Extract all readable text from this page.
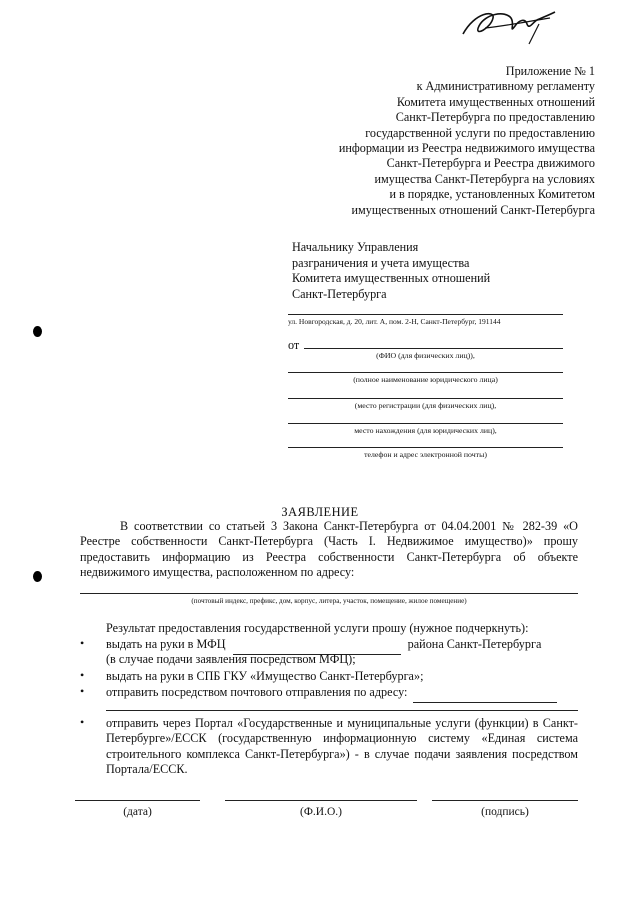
Приложение № 1
к Административному регламенту
Комитета имущественных отношений
Санкт-Петербурга по предоставлению
государственной услуги по предоставлению
информации из Реестра недвижимого имущества
Санкт-Петербурга и Реестра движимого
имущества Санкт-Петербурга на условиях
и в порядке, установленных Комитетом
имущественных отношений Санкт-Петербурга
Начальнику Управления
разграничения и учета имущества
Комитета имущественных отношений
Санкт-Петербурга
ул. Новгородская, д. 20, лит. А, пом. 2-Н, Санкт-Петербург, 191144
от
(ФИО (для физических лиц)),
(полное наименование юридического лица)
(место регистрации (для физических лиц),
место нахождения (для юридических лиц),
телефон и адрес электронной почты)
ЗАЯВЛЕНИЕ

В соответствии со статьей 3 Закона Санкт-Петербурга от 04.04.2001 № 282-39 «О Реестре собственности Санкт-Петербурга (Часть I. Недвижимое имущество)» прошу предоставить информацию из Реестра собственности Санкт-Петербурга об объекте недвижимого имущества, расположенном по адресу:

(почтовый индекс, префикс, дом, корпус, литера, участок, помещение, жилое помещение)
Результат предоставления государственной услуги прошу (нужное подчеркнуть):
• выдать на руки в МФЦ	района Санкт-Петербурга
(в случае подачи заявления посредством МФЦ);
• выдать на руки в СПБ ГКУ «Имущество Санкт-Петербурга»;
• отправить посредством почтового отправления по адресу:
• отправить через Портал «Государственные и муниципальные услуги (функции) в Санкт-Петербурге»/ЕССК (государственную информационную систему «Единая система строительного комплекса Санкт-Петербурга») - в случае подачи заявления посредством Портала/ЕССК.
(дата)	(Ф.И.О.)	(подпись)
